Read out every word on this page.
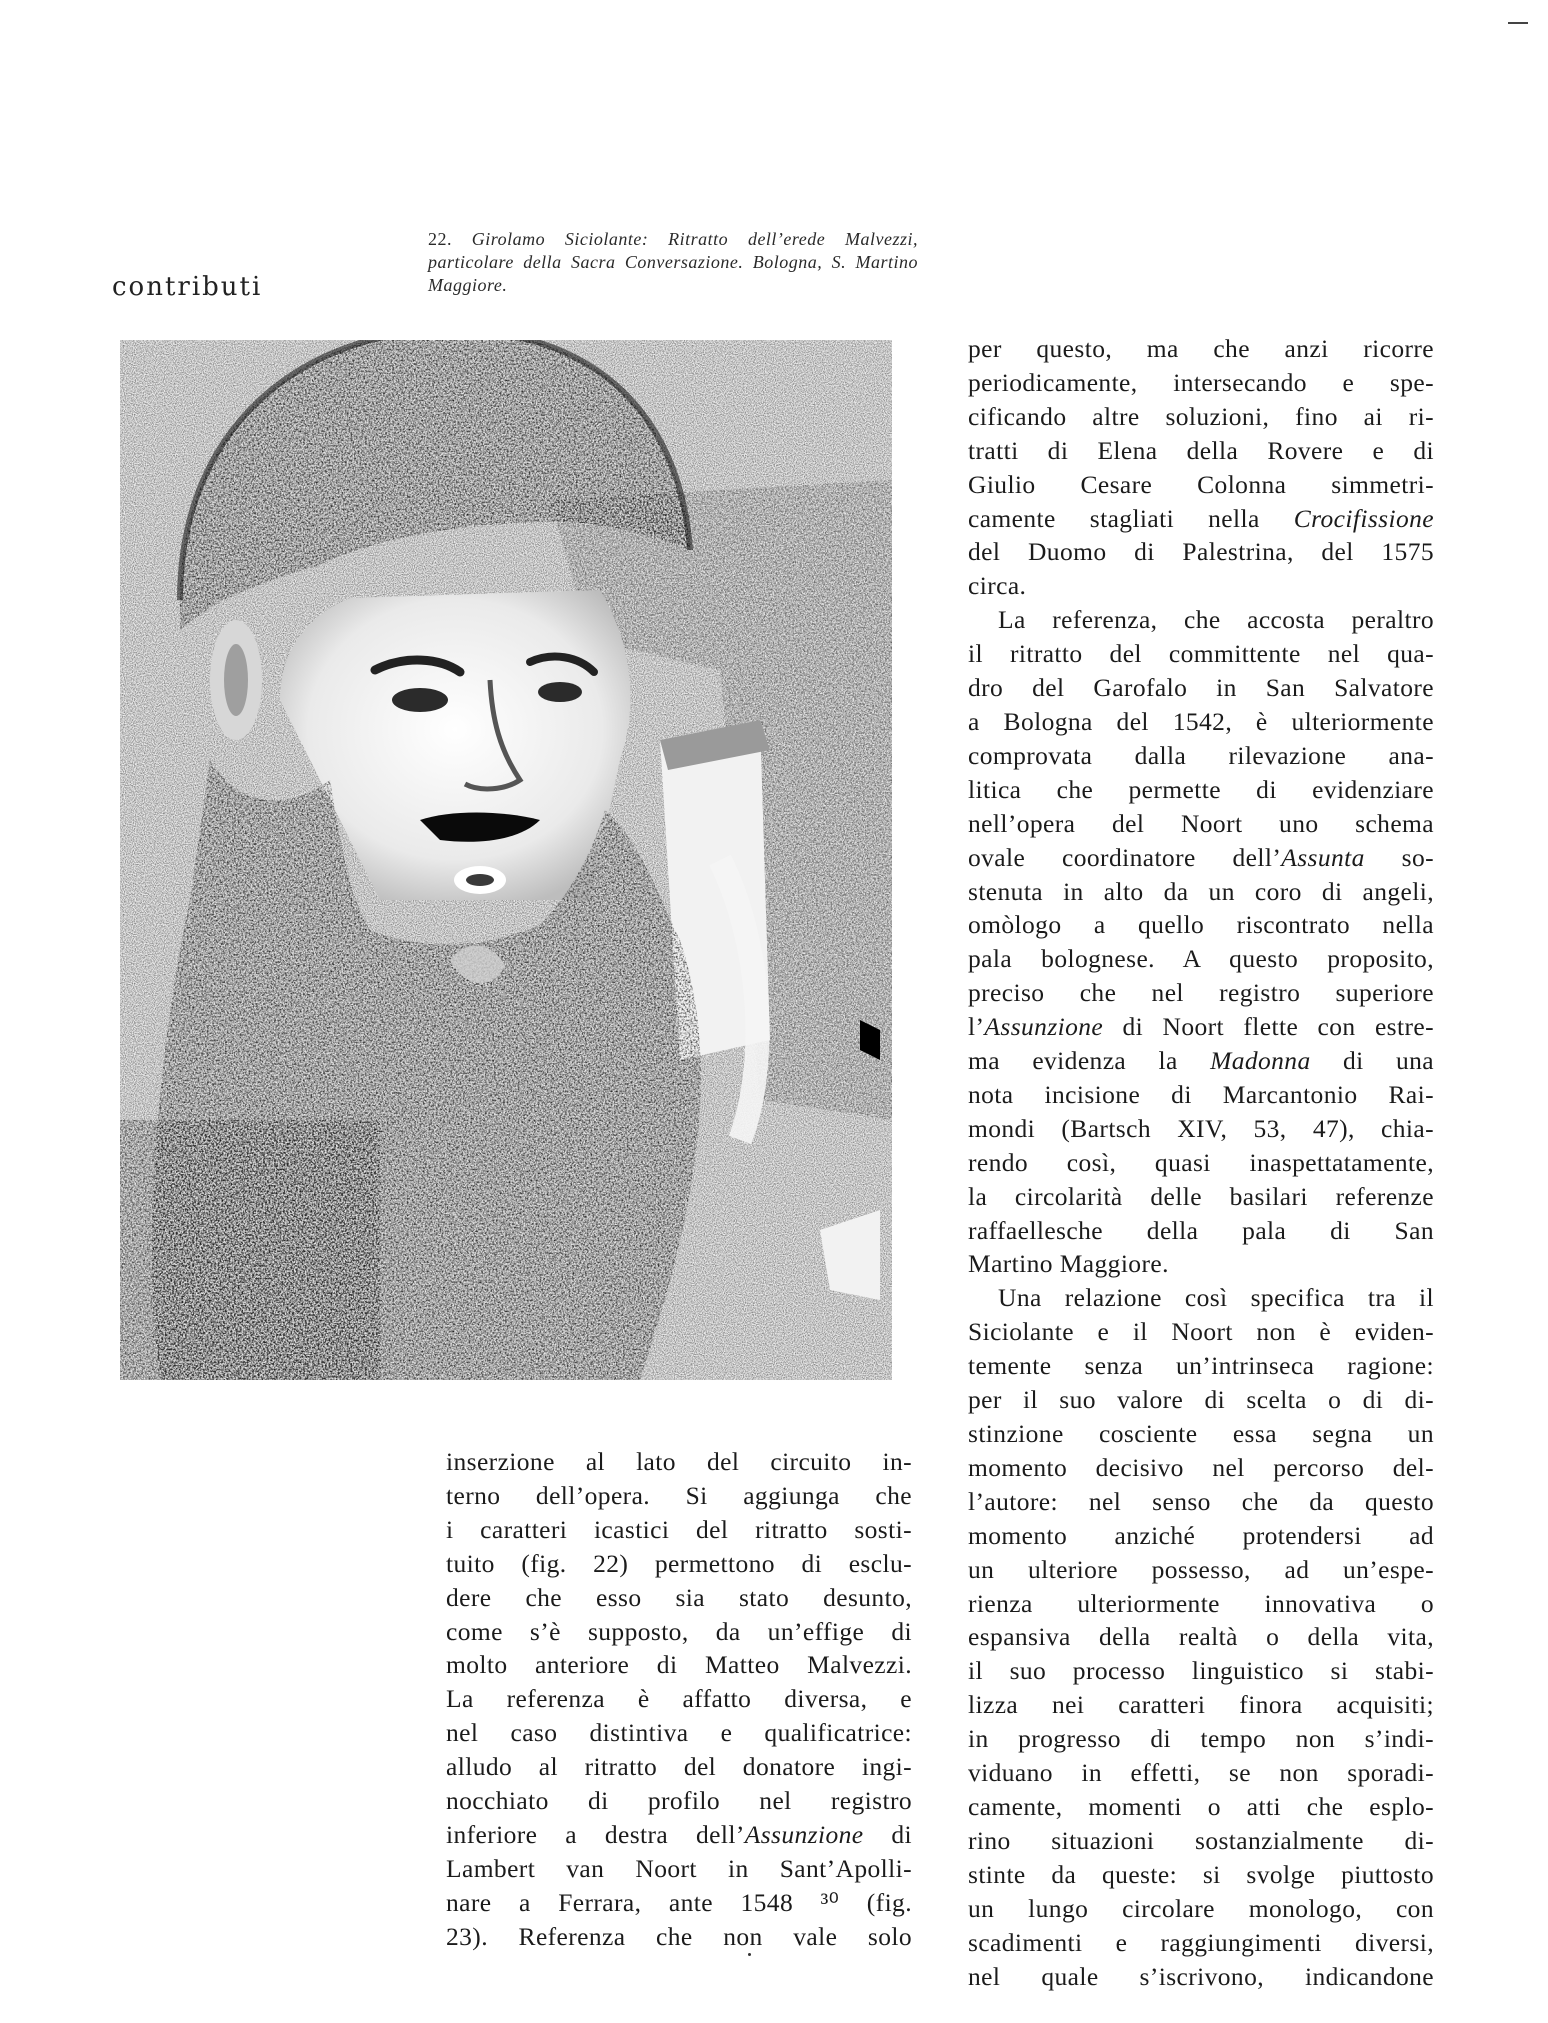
contributi
22. Girolamo Siciolante: Ritratto dell’erede Malvezzi, particolare della Sacra Conversazione. Bologna, S. Martino Maggiore.

per questo, ma che anzi ricorre

periodicamente, intersecando e spe-

cificando altre soluzioni, fino ai ri-

tratti di Elena della Rovere e di

Giulio Cesare Colonna simmetri-

camente stagliati nella Crocifissione

del Duomo di Palestrina, del 1575

circa.

La referenza, che accosta peraltro

il ritratto del committente nel qua-

dro del Garofalo in San Salvatore

a Bologna del 1542, è ulteriormente

comprovata dalla rilevazione ana-

litica che permette di evidenziare

nell’opera del Noort uno schema

ovale coordinatore dell’Assunta so-

stenuta in alto da un coro di angeli,

omòlogo a quello riscontrato nella

pala bolognese. A questo proposito,

preciso che nel registro superiore

l’Assunzione di Noort flette con estre-

ma evidenza la Madonna di una

nota incisione di Marcantonio Rai-

mondi (Bartsch XIV, 53, 47), chia-

rendo così, quasi inaspettatamente,

la circolarità delle basilari referenze

raffaellesche della pala di San

Martino Maggiore.

Una relazione così specifica tra il

Siciolante e il Noort non è eviden-

temente senza un’intrinseca ragione:

per il suo valore di scelta o di di-

stinzione cosciente essa segna un

momento decisivo nel percorso del-

l’autore: nel senso che da questo

momento anziché protendersi ad

un ulteriore possesso, ad un’espe-

rienza ulteriormente innovativa o

espansiva della realtà o della vita,

il suo processo linguistico si stabi-

lizza nei caratteri finora acquisiti;

in progresso di tempo non s’indi-

viduano in effetti, se non sporadi-

camente, momenti o atti che esplo-

rino situazioni sostanzialmente di-

stinte da queste: si svolge piuttosto

un lungo circolare monologo, con

scadimenti e raggiungimenti diversi,

nel quale s’iscrivono, indicandone

inserzione al lato del circuito in-

terno dell’opera. Si aggiunga che

i caratteri icastici del ritratto sosti-

tuito (fig. 22) permettono di esclu-

dere che esso sia stato desunto,

come s’è supposto, da un’effige di

molto anteriore di Matteo Malvezzi.

La referenza è affatto diversa, e

nel caso distintiva e qualificatrice:

alludo al ritratto del donatore ingi-

nocchiato di profilo nel registro

inferiore a destra dell’Assunzione di

Lambert van Noort in Sant’Apolli-

nare a Ferrara, ante 1548 ³⁰ (fig.

23). Referenza che non vale solo
